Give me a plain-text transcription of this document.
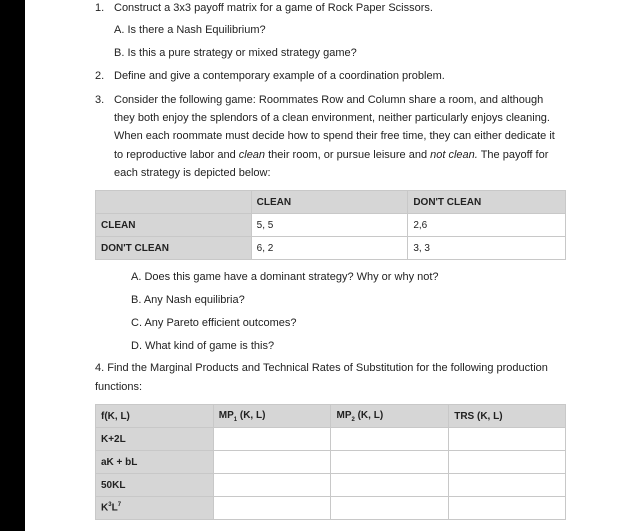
1. Construct a 3x3 payoff matrix for a game of Rock Paper Scissors.
A. Is there a Nash Equilibrium?
B. Is this a pure strategy or mixed strategy game?
2. Define and give a contemporary example of a coordination problem.
3. Consider the following game: Roommates Row and Column share a room, and although
they both enjoy the splendors of a clean environment, neither particularly enjoys cleaning.
When each roommate must decide how to spend their free time, they can either dedicate it
to reproductive labor and clean their room, or pursue leisure and not clean. The payoff for
each strategy is depicted below:
	CLEAN	DON'T CLEAN
CLEAN	5, 5	2,6
DON'T CLEAN	6, 2	3, 3
A. Does this game have a dominant strategy? Why or why not?
B. Any Nash equilibria?
C. Any Pareto efficient outcomes?
D. What kind of game is this?
4. Find the Marginal Products and Technical Rates of Substitution for the following production
functions:
f(K, L)	$MP_1$ (K, L)	$MP_2$ (K, L)	TRS (K, L)
K+2L			
aK + bL			
50KL			
$K^3L^7$			
